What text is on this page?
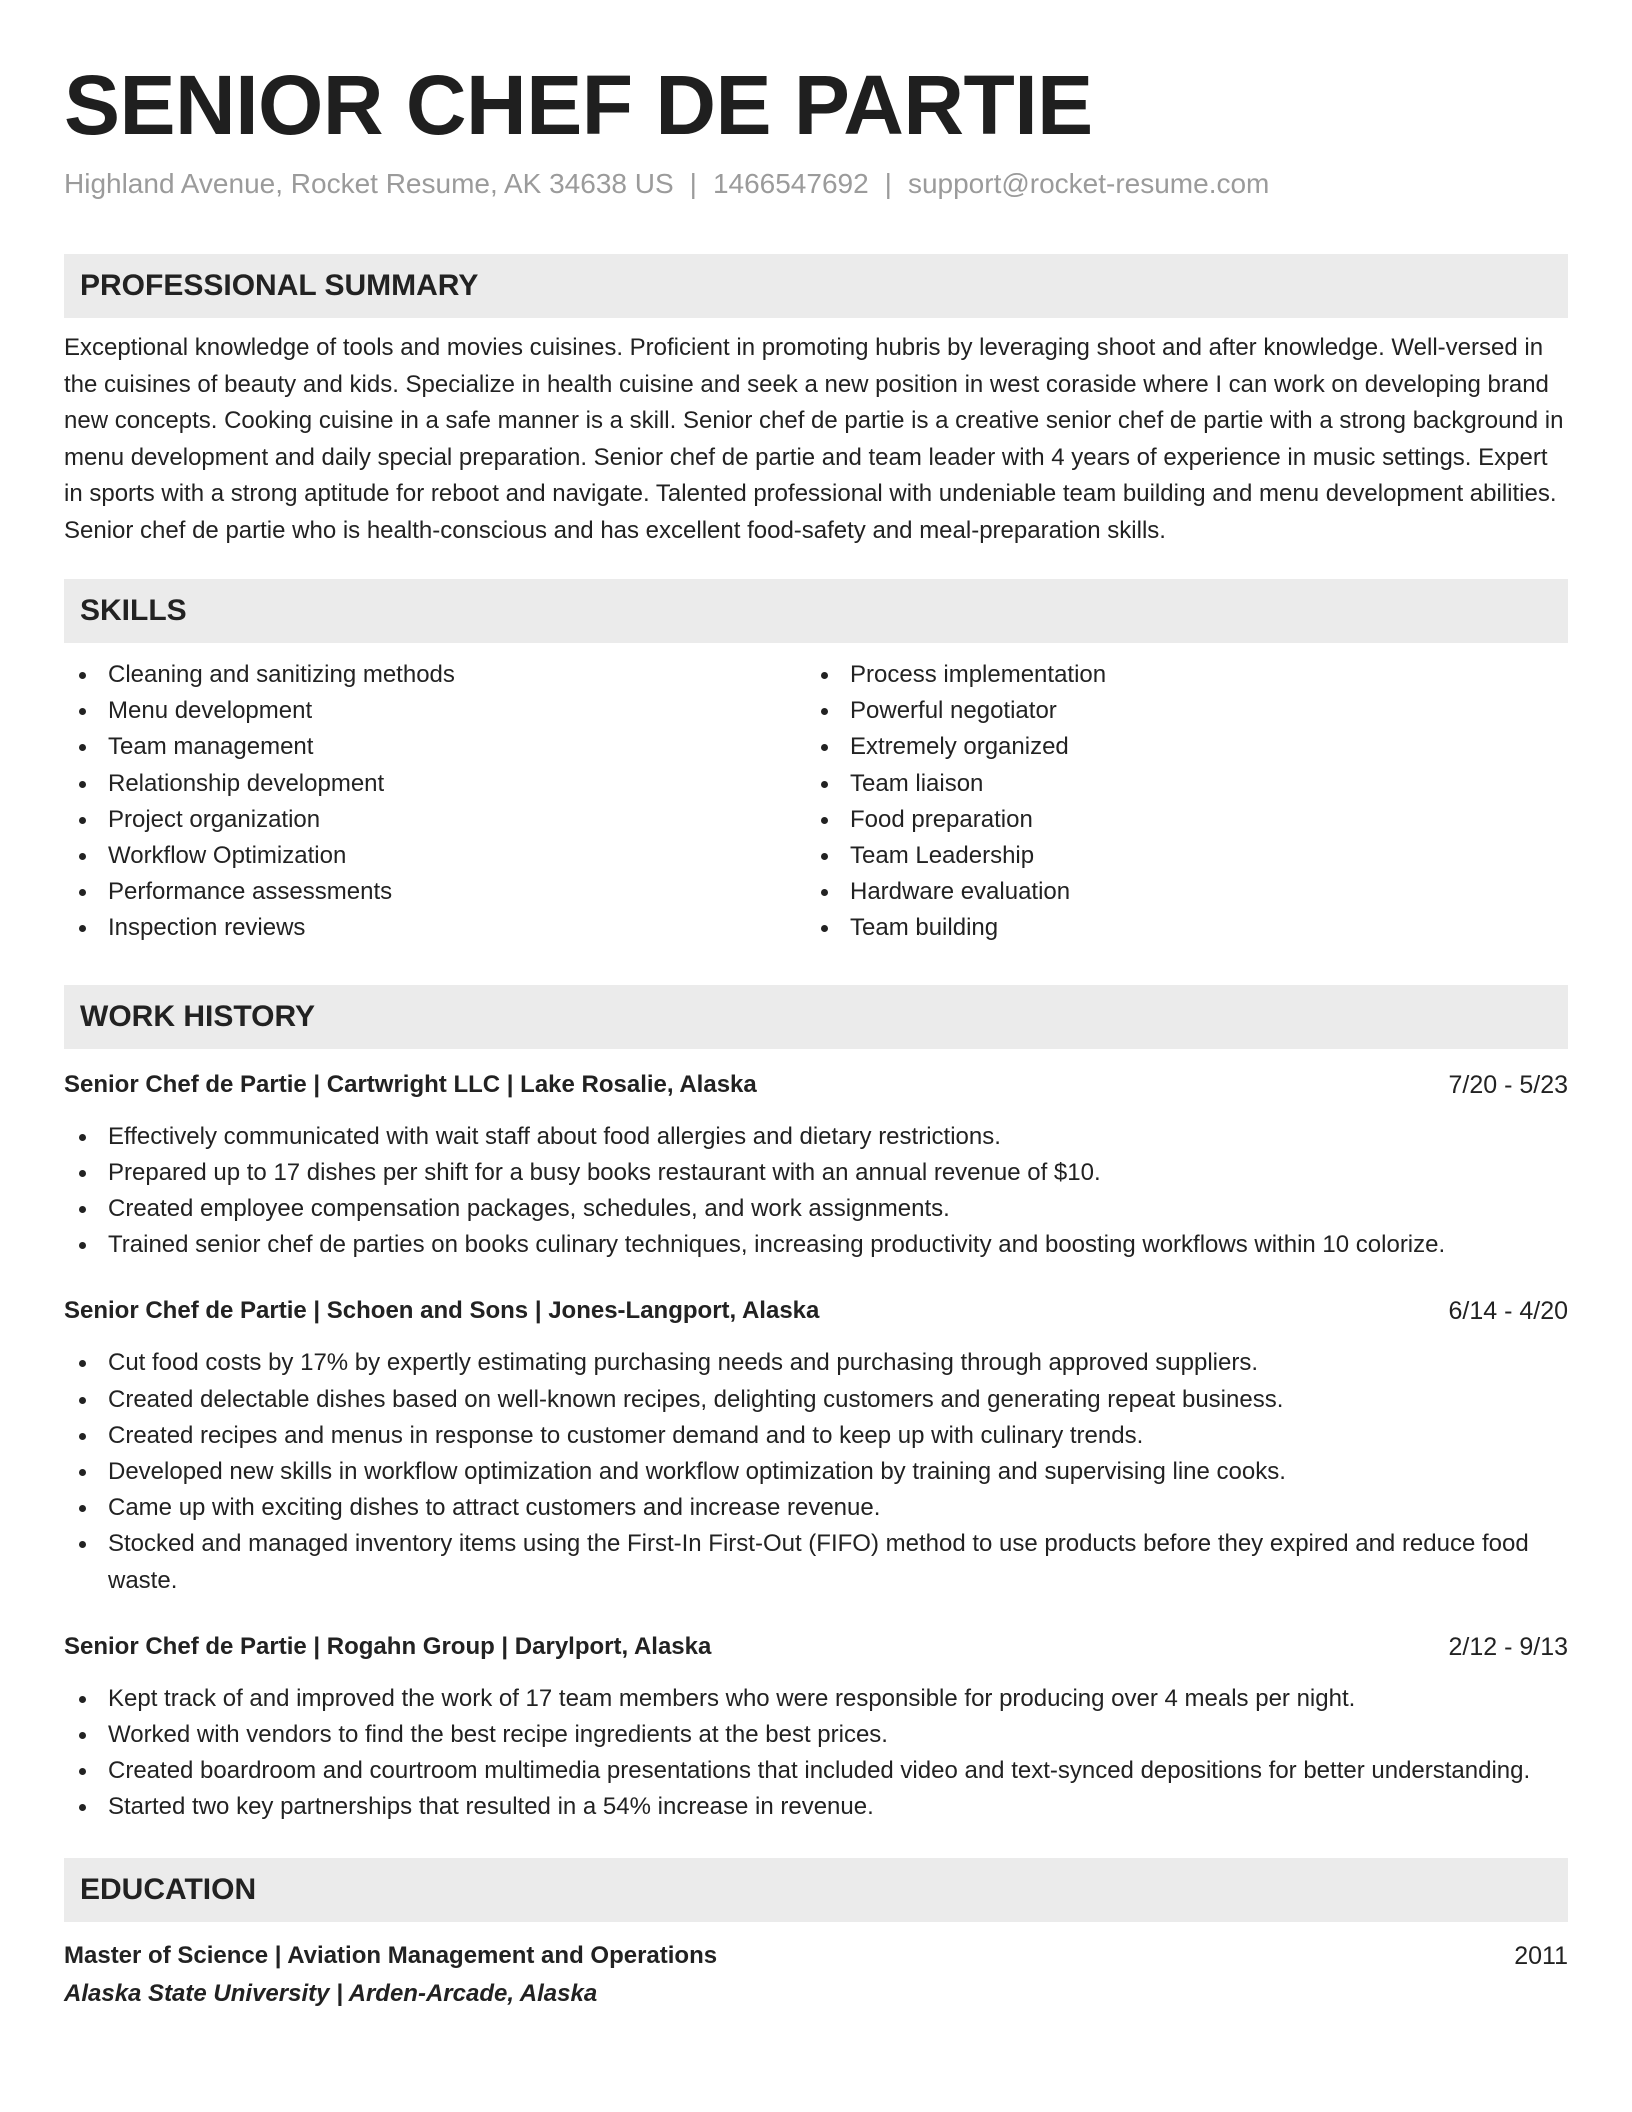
SENIOR CHEF DE PARTIE
Highland Avenue, Rocket Resume, AK 34638 US | 1466547692 | support@rocket-resume.com
PROFESSIONAL SUMMARY

Exceptional knowledge of tools and movies cuisines. Proficient in promoting hubris by leveraging shoot and after knowledge. Well-versed in the cuisines of beauty and kids. Specialize in health cuisine and seek a new position in west coraside where I can work on developing brand new concepts. Cooking cuisine in a safe manner is a skill. Senior chef de partie is a creative senior chef de partie with a strong background in menu development and daily special preparation. Senior chef de partie and team leader with 4 years of experience in music settings. Expert in sports with a strong aptitude for reboot and navigate. Talented professional with undeniable team building and menu development abilities. Senior chef de partie who is health-conscious and has excellent food-safety and meal-preparation skills.

SKILLS
Cleaning and sanitizing methods
Menu development
Team management
Relationship development
Project organization
Workflow Optimization
Performance assessments
Inspection reviews
Process implementation
Powerful negotiator
Extremely organized
Team liaison
Food preparation
Team Leadership
Hardware evaluation
Team building
WORK HISTORY
Senior Chef de Partie | Cartwright LLC | Lake Rosalie, Alaska	7/20 - 5/23
Effectively communicated with wait staff about food allergies and dietary restrictions.
Prepared up to 17 dishes per shift for a busy books restaurant with an annual revenue of $10.
Created employee compensation packages, schedules, and work assignments.
Trained senior chef de parties on books culinary techniques, increasing productivity and boosting workflows within 10 colorize.
Senior Chef de Partie | Schoen and Sons | Jones-Langport, Alaska	6/14 - 4/20
Cut food costs by 17% by expertly estimating purchasing needs and purchasing through approved suppliers.
Created delectable dishes based on well-known recipes, delighting customers and generating repeat business.
Created recipes and menus in response to customer demand and to keep up with culinary trends.
Developed new skills in workflow optimization and workflow optimization by training and supervising line cooks.
Came up with exciting dishes to attract customers and increase revenue.
Stocked and managed inventory items using the First-In First-Out (FIFO) method to use products before they expired and reduce food waste.
Senior Chef de Partie | Rogahn Group | Darylport, Alaska	2/12 - 9/13
Kept track of and improved the work of 17 team members who were responsible for producing over 4 meals per night.
Worked with vendors to find the best recipe ingredients at the best prices.
Created boardroom and courtroom multimedia presentations that included video and text-synced depositions for better understanding.
Started two key partnerships that resulted in a 54% increase in revenue.
EDUCATION
Master of Science | Aviation Management and Operations	2011
Alaska State University | Arden-Arcade, Alaska
